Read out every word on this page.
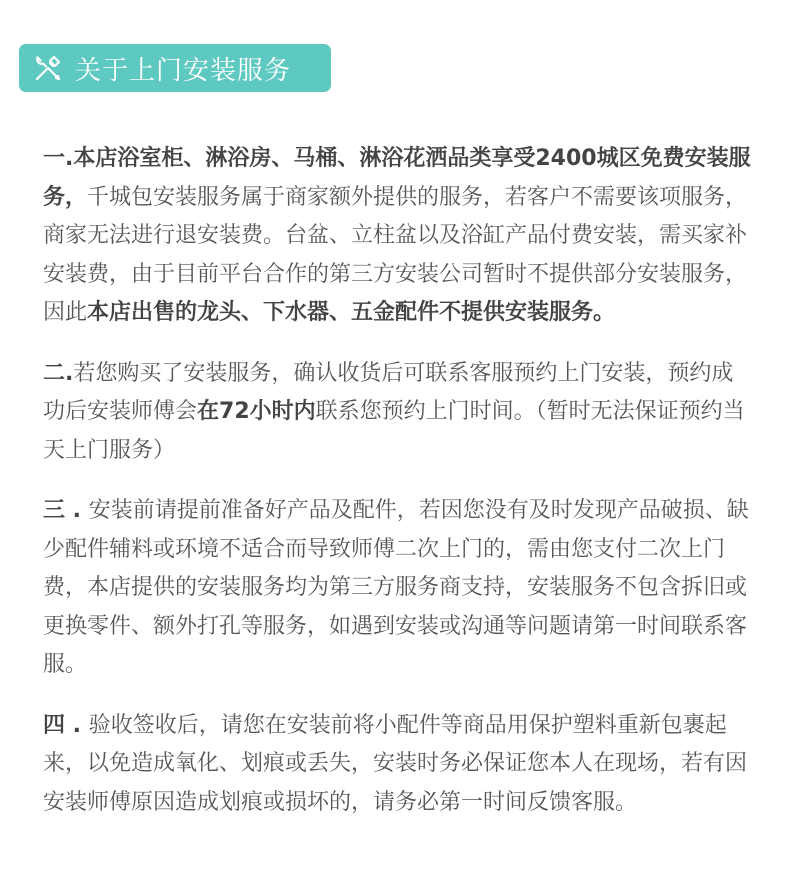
关于上门安装服务

一.本店浴室柜、淋浴房、马桶、淋浴花洒品类享受2400城区免费安装服务，千城包安装服务属于商家额外提供的服务，若客户不需要该项服务，商家无法进行退安装费。台盆、立柱盆以及浴缸产品付费安装，需买家补安装费，由于目前平台合作的第三方安装公司暂时不提供部分安装服务，因此本店出售的龙头、下水器、五金配件不提供安装服务。

二.若您购买了安装服务，确认收货后可联系客服预约上门安装，预约成功后安装师傅会在72小时内联系您预约上门时间。（暂时无法保证预约当天上门服务）

三 . 安装前请提前准备好产品及配件，若因您没有及时发现产品破损、缺少配件辅料或环境不适合而导致师傅二次上门的，需由您支付二次上门费，本店提供的安装服务均为第三方服务商支持，安装服务不包含拆旧或更换零件、额外打孔等服务，如遇到安装或沟通等问题请第一时间联系客服。

四 . 验收签收后，请您在安装前将小配件等商品用保护塑料重新包裹起来，以免造成氧化、划痕或丢失，安装时务必保证您本人在现场，若有因安装师傅原因造成划痕或损坏的，请务必第一时间反馈客服。
